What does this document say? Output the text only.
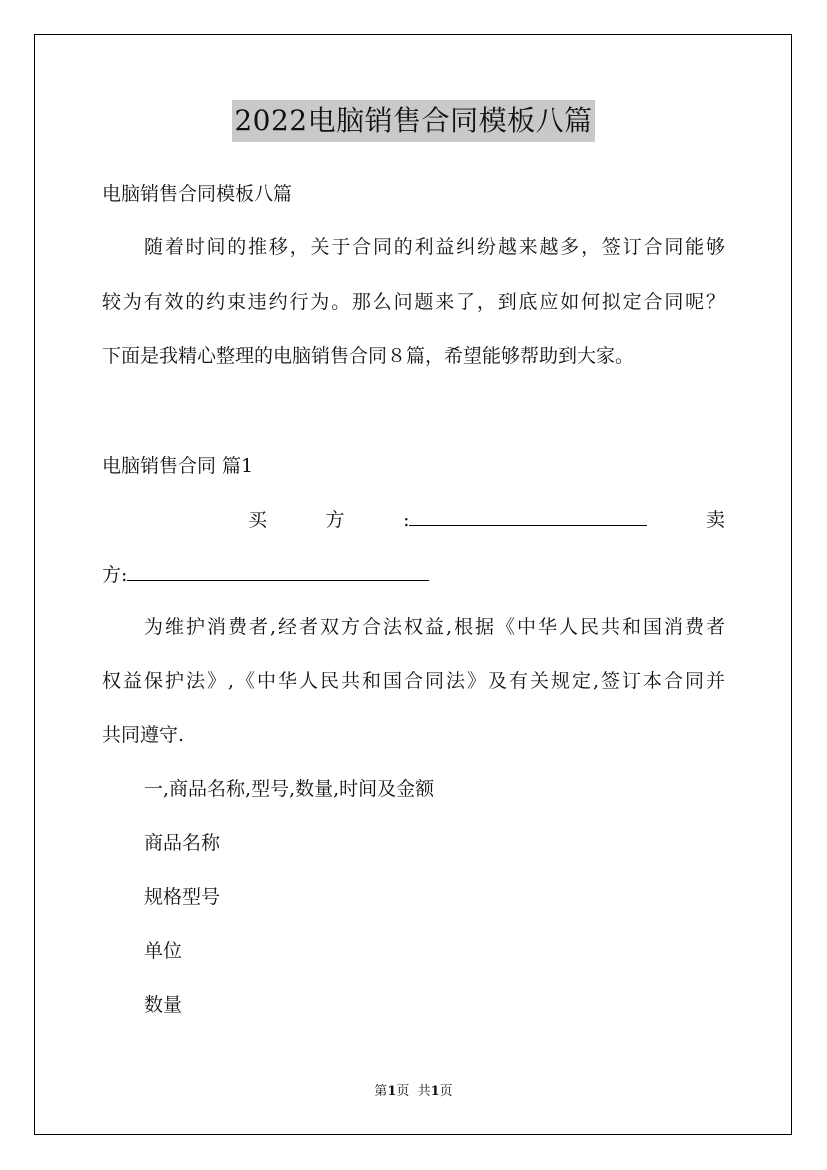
2022电脑销售合同模板八篇
电脑销售合同模板八篇
随着时间的推移，关于合同的利益纠纷越来越多，签订合同能够
较为有效的约束违约行为。那么问题来了，到底应如何拟定合同呢？
下面是我精心整理的电脑销售合同８篇，希望能够帮助到大家。
电脑销售合同 篇1
买	方	:	卖
方:
为维护消费者,经者双方合法权益,根据《中华人民共和国消费者
权益保护法》,《中华人民共和国合同法》及有关规定,签订本合同并
共同遵守.
一,商品名称,型号,数量,时间及金额
商品名称
规格型号
单位
数量
第1页  共1页
